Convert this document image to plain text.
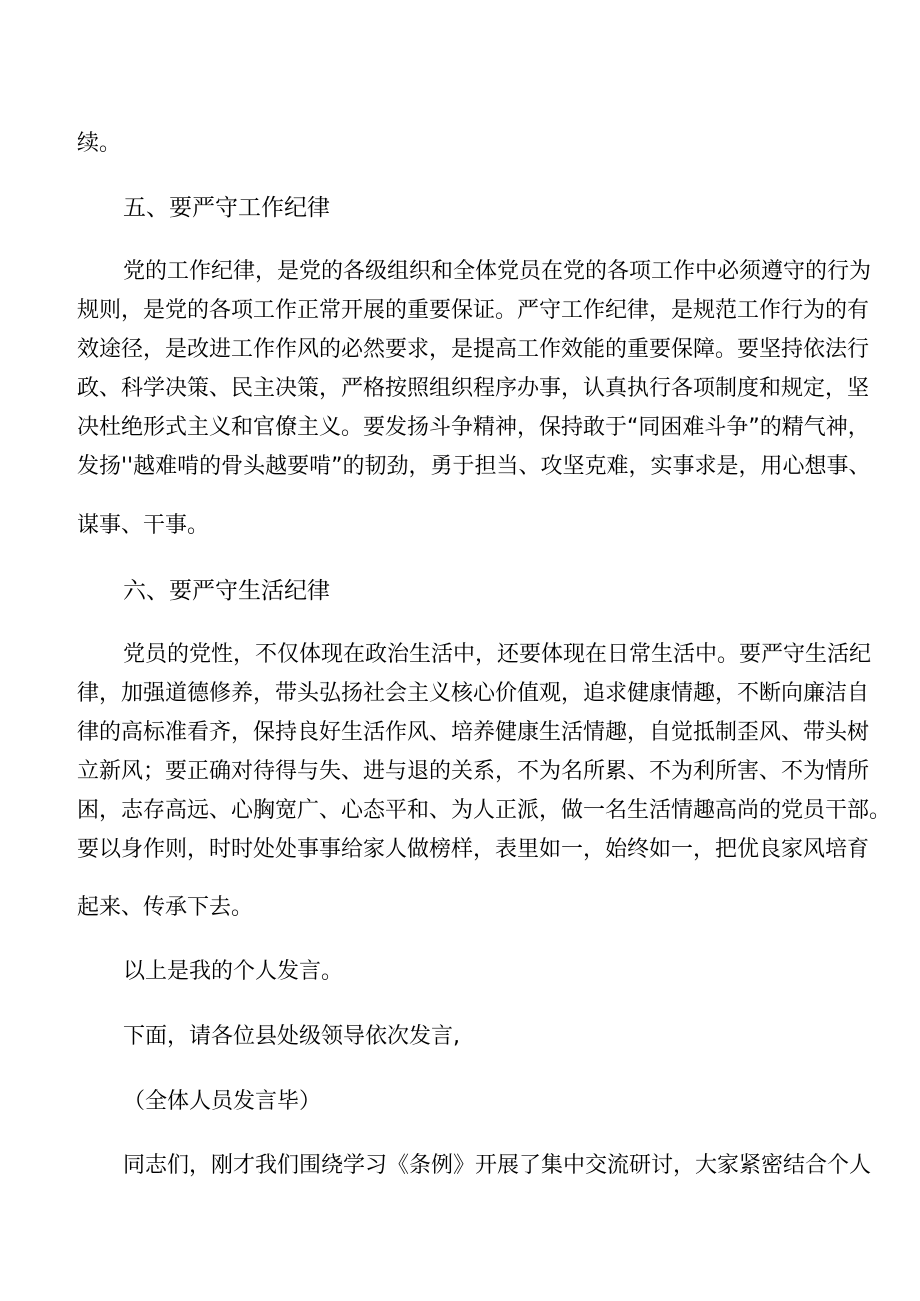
续。
五、要严守工作纪律
党的工作纪律，是党的各级组织和全体党员在党的各项工作中必须遵守的行为
规则，是党的各项工作正常开展的重要保证。严守工作纪律，是规范工作行为的有
效途径，是改进工作作风的必然要求，是提高工作效能的重要保障。要坚持依法行
政、科学决策、民主决策，严格按照组织程序办事，认真执行各项制度和规定，坚
决杜绝形式主义和官僚主义。要发扬斗争精神，保持敢于“同困难斗争”的精气神，
发扬''越难啃的骨头越要啃”的韧劲，勇于担当、攻坚克难，实事求是，用心想事、
谋事、干事。
六、要严守生活纪律
党员的党性，不仅体现在政治生活中，还要体现在日常生活中。要严守生活纪
律，加强道德修养，带头弘扬社会主义核心价值观，追求健康情趣，不断向廉洁自
律的高标准看齐，保持良好生活作风、培养健康生活情趣，自觉抵制歪风、带头树
立新风；要正确对待得与失、进与退的关系，不为名所累、不为利所害、不为情所
困，志存高远、心胸宽广、心态平和、为人正派，做一名生活情趣高尚的党员干部。
要以身作则，时时处处事事给家人做榜样，表里如一，始终如一，把优良家风培育
起来、传承下去。
以上是我的个人发言。
下面，请各位县处级领导依次发言,
（全体人员发言毕）
同志们，刚才我们围绕学习《条例》开展了集中交流研讨，大家紧密结合个人
